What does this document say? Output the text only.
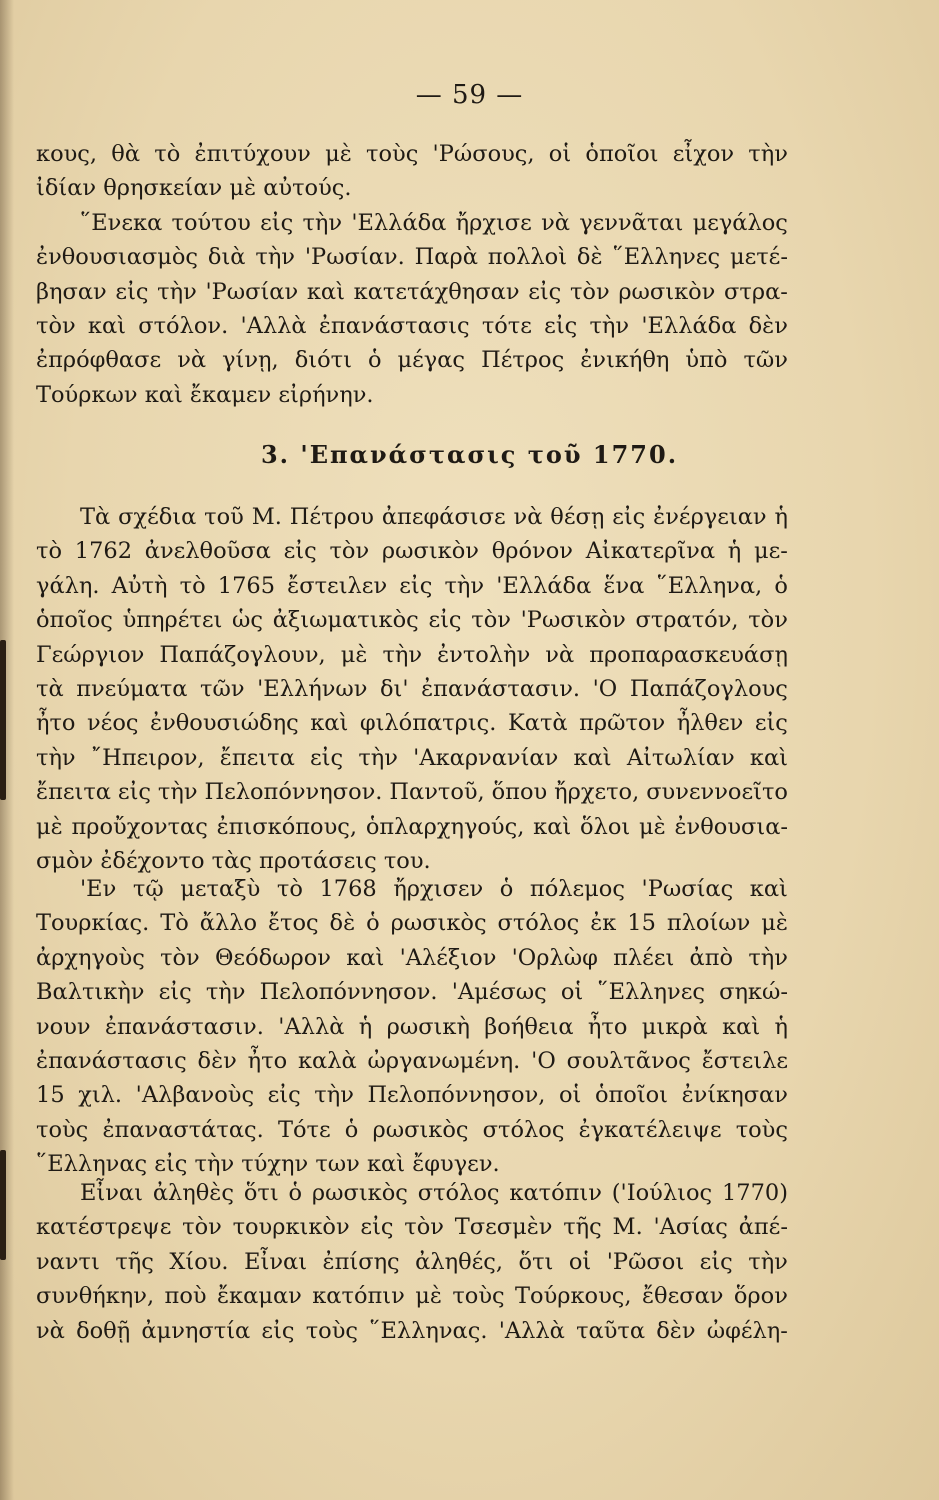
— 59 —
κους, θὰ τὸ ἐπιτύχουν μὲ τοὺς 'Ρώσους, οἱ ὁποῖοι εἶχον τὴν
ἰδίαν θρησκείαν μὲ αὐτούς.
῞Ενεκα τούτου εἰς τὴν 'Ελλάδα ἤρχισε νὰ γεννᾶται μεγάλος
ἐνθουσιασμὸς διὰ τὴν 'Ρωσίαν. Παρὰ πολλοὶ δὲ ῞Ελληνες μετέ-
βησαν εἰς τὴν 'Ρωσίαν καὶ κατετάχθησαν εἰς τὸν ρωσικὸν στρα-
τὸν καὶ στόλον. 'Αλλὰ ἐπανάστασις τότε εἰς τὴν 'Ελλάδα δὲν
ἐπρόφθασε νὰ γίνῃ, διότι ὁ μέγας Πέτρος ἐνικήθη ὑπὸ τῶν
Τούρκων καὶ ἔκαμεν εἰρήνην.
3. 'Επανάστασις τοῦ 1770.
Τὰ σχέδια τοῦ Μ. Πέτρου ἀπεφάσισε νὰ θέσῃ εἰς ἐνέργειαν ἡ
τὸ 1762 ἀνελθοῦσα εἰς τὸν ρωσικὸν θρόνον Αἰκατερῖνα ἡ με-
γάλη. Αὐτὴ τὸ 1765 ἔστειλεν εἰς τὴν 'Ελλάδα ἕνα ῞Ελληνα, ὁ
ὁποῖος ὑπηρέτει ὡς ἀξιωματικὸς εἰς τὸν 'Ρωσικὸν στρατόν, τὸν
Γεώργιον Παπάζογλουν, μὲ τὴν ἐντολὴν νὰ προπαρασκευάσῃ
τὰ πνεύματα τῶν 'Ελλήνων δι' ἐπανάστασιν. 'Ο Παπάζογλους
ἦτο νέος ἐνθουσιώδης καὶ φιλόπατρις. Κατὰ πρῶτον ἦλθεν εἰς
τὴν ῎Ηπειρον, ἔπειτα εἰς τὴν 'Ακαρνανίαν καὶ Αἰτωλίαν καὶ
ἔπειτα εἰς τὴν Πελοπόννησον. Παντοῦ, ὅπου ἤρχετο, συνεννοεῖτο
μὲ προὔχοντας ἐπισκόπους, ὁπλαρχηγούς, καὶ ὅλοι μὲ ἐνθουσια-
σμὸν ἐδέχοντο τὰς προτάσεις του.
'Εν τῷ μεταξὺ τὸ 1768 ἤρχισεν ὁ πόλεμος 'Ρωσίας καὶ
Τουρκίας. Τὸ ἄλλο ἔτος δὲ ὁ ρωσικὸς στόλος ἐκ 15 πλοίων μὲ
ἀρχηγοὺς τὸν Θεόδωρον καὶ 'Αλέξιον 'Ορλὼφ πλέει ἀπὸ τὴν
Βαλτικὴν εἰς τὴν Πελοπόννησον. 'Αμέσως οἱ ῞Ελληνες σηκώ-
νουν ἐπανάστασιν. 'Αλλὰ ἡ ρωσικὴ βοήθεια ἦτο μικρὰ καὶ ἡ
ἐπανάστασις δὲν ἦτο καλὰ ὠργανωμένη. 'Ο σουλτᾶνος ἔστειλε
15 χιλ. 'Αλβανοὺς εἰς τὴν Πελοπόννησον, οἱ ὁποῖοι ἐνίκησαν
τοὺς ἐπαναστάτας. Τότε ὁ ρωσικὸς στόλος ἐγκατέλειψε τοὺς
῞Ελληνας εἰς τὴν τύχην των καὶ ἔφυγεν.
Εἶναι ἀληθὲς ὅτι ὁ ρωσικὸς στόλος κατόπιν ('Ιούλιος 1770)
κατέστρεψε τὸν τουρκικὸν εἰς τὸν Τσεσμὲν τῆς Μ. 'Ασίας ἀπέ-
ναντι τῆς Χίου. Εἶναι ἐπίσης ἀληθές, ὅτι οἱ 'Ρῶσοι εἰς τὴν
συνθήκην, ποὺ ἔκαμαν κατόπιν μὲ τοὺς Τούρκους, ἔθεσαν ὅρον
νὰ δοθῇ ἀμνηστία εἰς τοὺς ῞Ελληνας. 'Αλλὰ ταῦτα δὲν ὠφέλη-
